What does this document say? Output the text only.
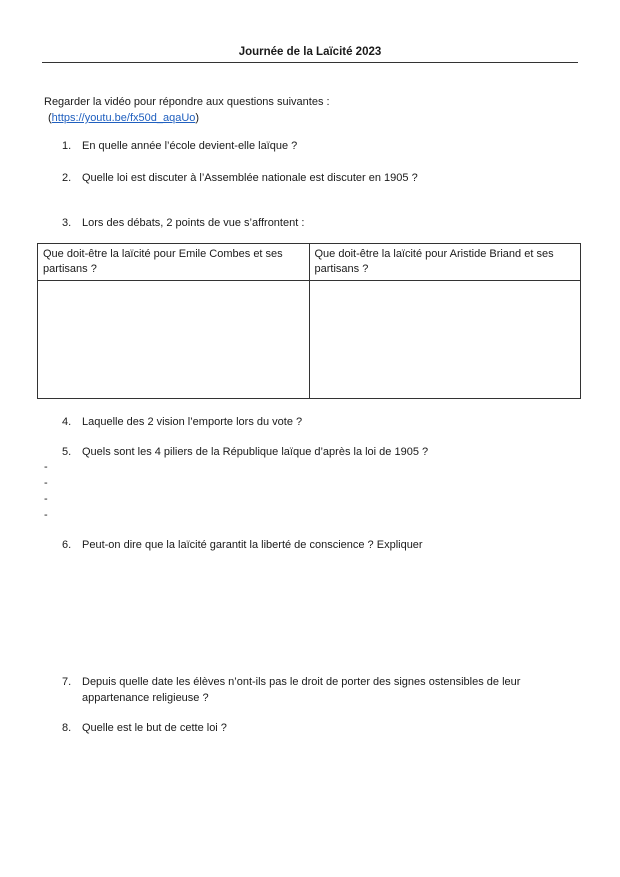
Journée de la Laïcité 2023
Regarder la vidéo pour répondre aux questions suivantes :
(https://youtu.be/fx50d_aqaUo)
1. En quelle année l’école devient-elle laïque ?
2. Quelle loi est discuter à l’Assemblée nationale est discuter en 1905 ?
3. Lors des débats, 2 points de vue s’affrontent :
Que doit-être la laïcité pour Emile Combes et ses partisans ?	Que doit-être la laïcité pour Aristide Briand et ses partisans ?

4. Laquelle des 2 vision l’emporte lors du vote ?
5. Quels sont les 4 piliers de la République laïque d’après la loi de 1905 ?
-
-
-
-
6. Peut-on dire que la laïcité garantit la liberté de conscience ? Expliquer
7. Depuis quelle date les élèves n’ont-ils pas le droit de porter des signes ostensibles de leur appartenance religieuse ?
8. Quelle est le but de cette loi ?
